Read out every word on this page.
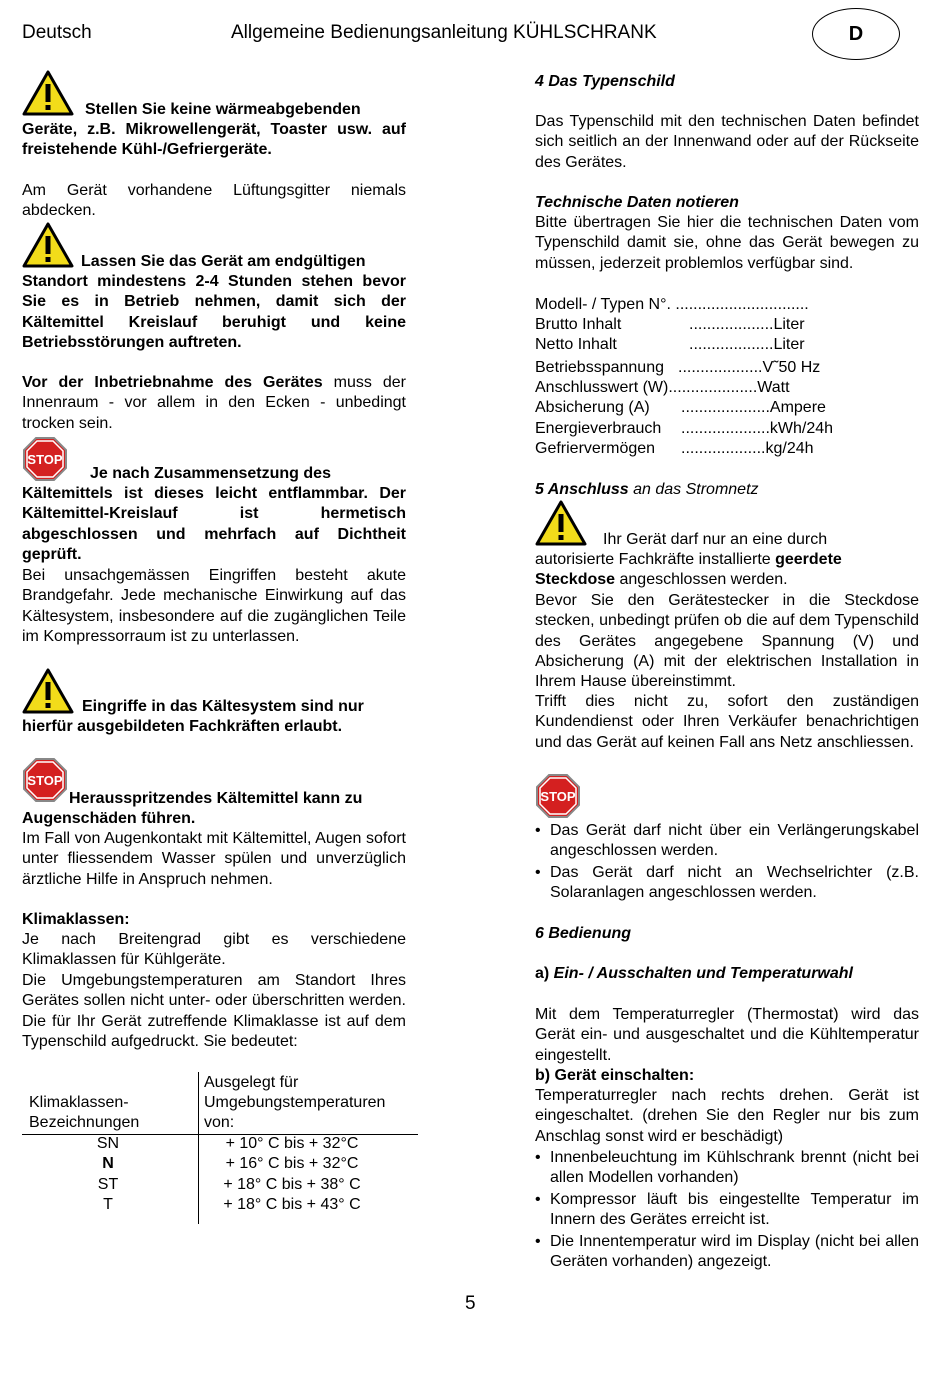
Deutsch	Allgemeine Bedienungsanleitung KÜHLSCHRANK	D
Stellen Sie keine wärmeabgebenden
Geräte, z.B. Mikrowellengerät, Toaster usw. auf freistehende Kühl-/Gefriergeräte.
Am Gerät vorhandene Lüftungsgitter niemals abdecken.
Lassen Sie das Gerät am endgültigen
Standort mindestens 2-4 Stunden stehen bevor Sie es in Betrieb nehmen, damit sich der Kältemittel Kreislauf beruhigt und keine Betriebsstörungen auftreten.
Vor der Inbetriebnahme des Gerätes muss der Innenraum - vor allem in den Ecken - unbedingt trocken sein.
STOP
Je nach Zusammensetzung des
Kältemittels ist dieses leicht entflammbar. Der Kältemittel-Kreislauf ist hermetisch abgeschlossen und mehrfach auf Dichtheit geprüft.
Bei unsachgemässen Eingriffen besteht akute Brandgefahr. Jede mechanische Einwirkung auf das Kältesystem, insbesondere auf die zugänglichen Teile im Kompressorraum ist zu unterlassen.
Eingriffe in das Kältesystem sind nur
hierfür ausgebildeten Fachkräften erlaubt.
STOP
Herausspritzendes Kältemittel kann zu
Augenschäden führen.
Im Fall von Augenkontakt mit Kältemittel, Augen sofort unter fliessendem Wasser spülen und unverzüglich ärztliche Hilfe in Anspruch nehmen.
Klimaklassen:
Je nach Breitengrad gibt es verschiedene Klimaklassen für Kühlgeräte.
Die Umgebungstemperaturen am Standort Ihres Gerätes sollen nicht unter- oder überschritten werden. Die für Ihr Gerät zutreffende Klimaklasse ist auf dem Typenschild aufgedruckt. Sie bedeutet:
Klimaklassen-
Bezeichnungen
Ausgelegt für
Umgebungstemperaturen
von:
SN	+ 10° C bis + 32°C
N	+ 16° C bis + 32°C
ST	+ 18° C bis + 38° C
T	+ 18° C bis + 43° C
4 Das Typenschild
Das Typenschild mit den technischen Daten befindet sich seitlich an der Innenwand oder auf der Rückseite des Gerätes.
Technische Daten notieren
Bitte übertragen Sie hier die technischen Daten vom Typenschild damit sie, ohne das Gerät bewegen zu müssen, jederzeit problemlos verfügbar sind.
Modell- / Typen N°. ..............................
Brutto Inhalt	...................Liter
Netto Inhalt	...................Liter
Betriebsspannung ...................V˜50 Hz
Anschlusswert (W)....................Watt
Absicherung (A) ....................Ampere
Energieverbrauch ....................kWh/24h
Gefriervermögen ...................kg/24h
5 Anschluss an das Stromnetz
Ihr Gerät darf nur an eine durch
autorisierte Fachkräfte installierte geerdete
Steckdose angeschlossen werden.
Bevor Sie den Gerätestecker in die Steckdose stecken, unbedingt prüfen ob die auf dem Typenschild des Gerätes angegebene Spannung (V) und Absicherung (A) mit der elektrischen Installation in Ihrem Hause übereinstimmt.
Trifft dies nicht zu, sofort den zuständigen Kundendienst oder Ihren Verkäufer benachrichtigen und das Gerät auf keinen Fall ans Netz anschliessen.
STOP
• Das Gerät darf nicht über ein Verlängerungskabel angeschlossen werden.
• Das Gerät darf nicht an Wechselrichter (z.B. Solaranlagen angeschlossen werden.
6 Bedienung
a) Ein- / Ausschalten und Temperaturwahl
Mit dem Temperaturregler (Thermostat) wird das Gerät ein- und ausgeschaltet und die Kühltemperatur eingestellt.
b) Gerät einschalten:
Temperaturregler nach rechts drehen. Gerät ist eingeschaltet. (drehen Sie den Regler nur bis zum Anschlag sonst wird er beschädigt)
• Innenbeleuchtung im Kühlschrank brennt (nicht bei allen Modellen vorhanden)
• Kompressor läuft bis eingestellte Temperatur im Innern des Gerätes erreicht ist.
• Die Innentemperatur wird im Display (nicht bei allen Geräten vorhanden) angezeigt.
5
